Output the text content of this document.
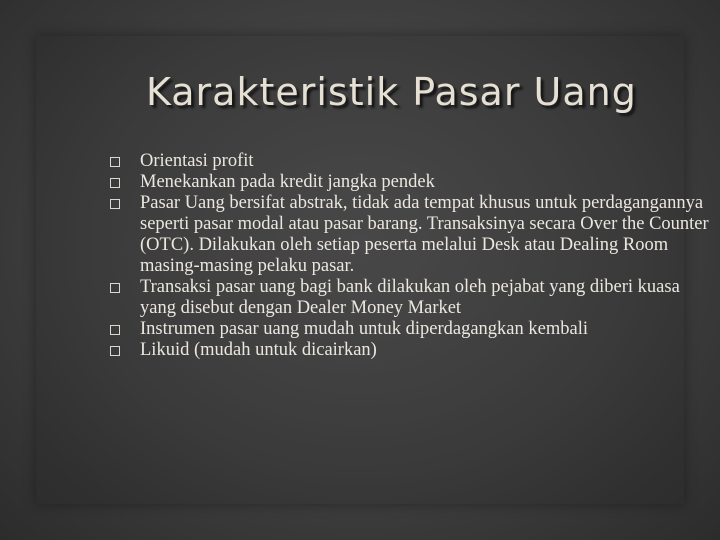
Karakteristik Pasar Uang
Orientasi profit
Menekankan pada kredit jangka pendek
Pasar Uang bersifat abstrak, tidak ada tempat khusus untuk perdagangannya seperti pasar modal atau pasar barang. Transaksinya secara Over the Counter (OTC). Dilakukan oleh setiap peserta melalui Desk atau Dealing Room masing-masing pelaku pasar.
Transaksi pasar uang bagi bank dilakukan oleh pejabat yang diberi kuasa yang disebut dengan Dealer Money Market
Instrumen pasar uang mudah untuk diperdagangkan kembali
Likuid (mudah untuk dicairkan)
